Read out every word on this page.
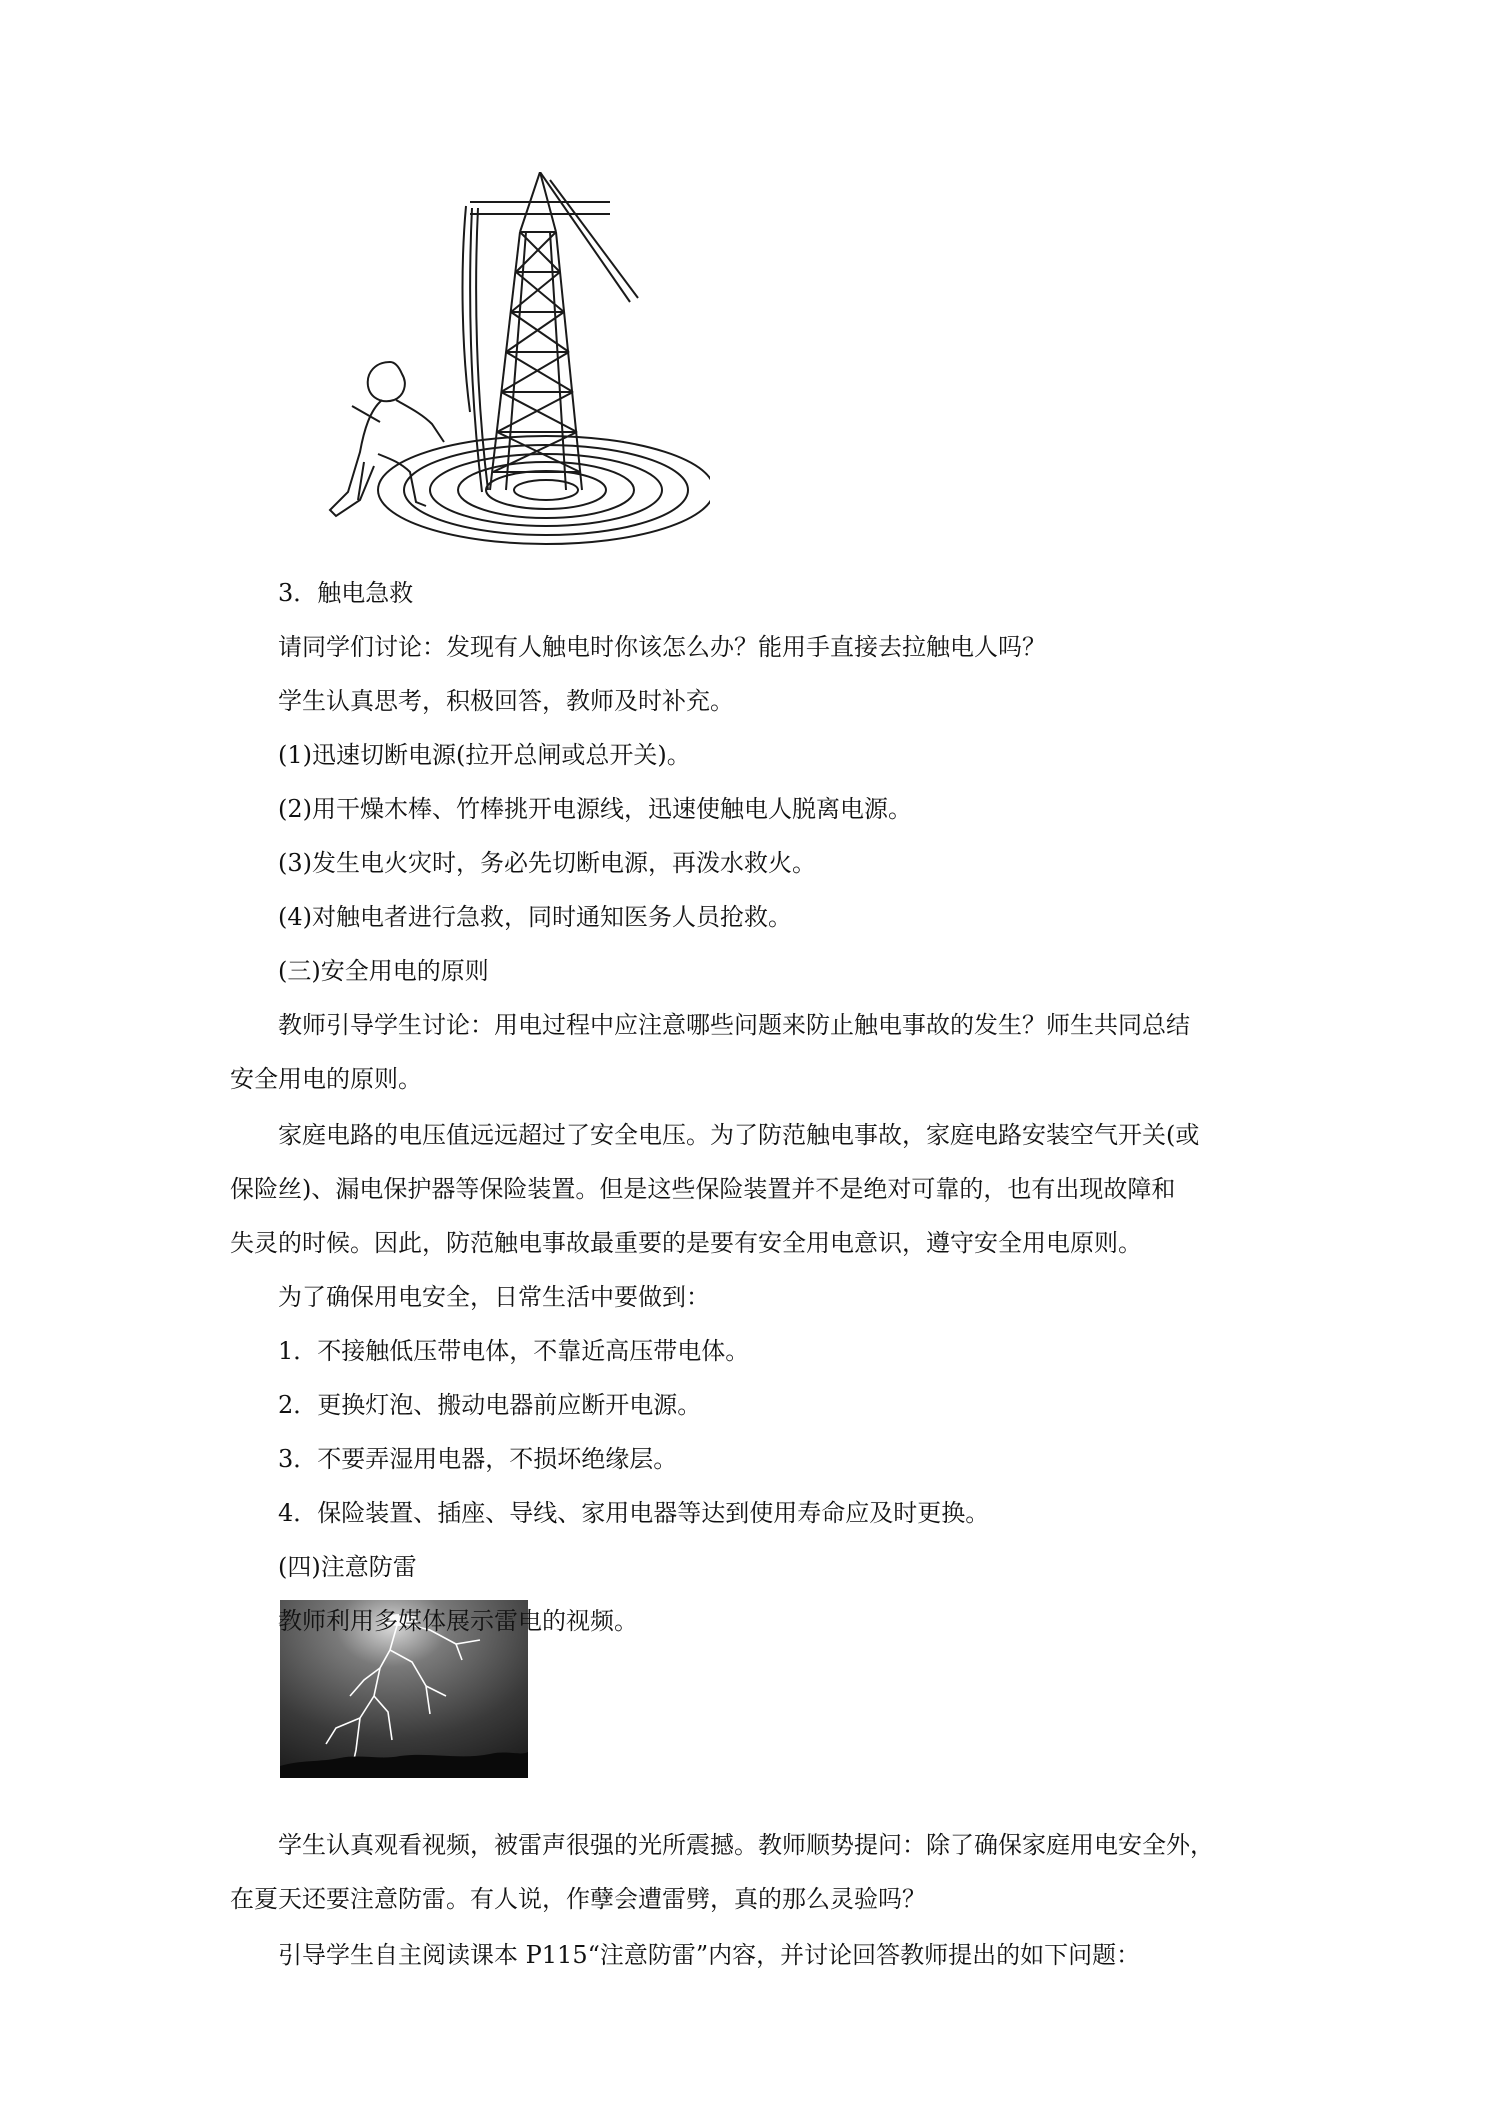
3．触电急救
请同学们讨论：发现有人触电时你该怎么办？能用手直接去拉触电人吗？
学生认真思考，积极回答，教师及时补充。
(1)迅速切断电源(拉开总闸或总开关)。
(2)用干燥木棒、竹棒挑开电源线，迅速使触电人脱离电源。
(3)发生电火灾时，务必先切断电源，再泼水救火。
(4)对触电者进行急救，同时通知医务人员抢救。
(三)安全用电的原则
教师引导学生讨论：用电过程中应注意哪些问题来防止触电事故的发生？师生共同总结
安全用电的原则。
家庭电路的电压值远远超过了安全电压。为了防范触电事故，家庭电路安装空气开关(或
保险丝)、漏电保护器等保险装置。但是这些保险装置并不是绝对可靠的，也有出现故障和
失灵的时候。因此，防范触电事故最重要的是要有安全用电意识，遵守安全用电原则。
为了确保用电安全，日常生活中要做到：
1．不接触低压带电体，不靠近高压带电体。
2．更换灯泡、搬动电器前应断开电源。
3．不要弄湿用电器，不损坏绝缘层。
4．保险装置、插座、导线、家用电器等达到使用寿命应及时更换。
(四)注意防雷
教师利用多媒体展示雷电的视频。
学生认真观看视频，被雷声很强的光所震撼。教师顺势提问：除了确保家庭用电安全外，
在夏天还要注意防雷。有人说，作孽会遭雷劈，真的那么灵验吗？
引导学生自主阅读课本 P115“注意防雷”内容，并讨论回答教师提出的如下问题：
